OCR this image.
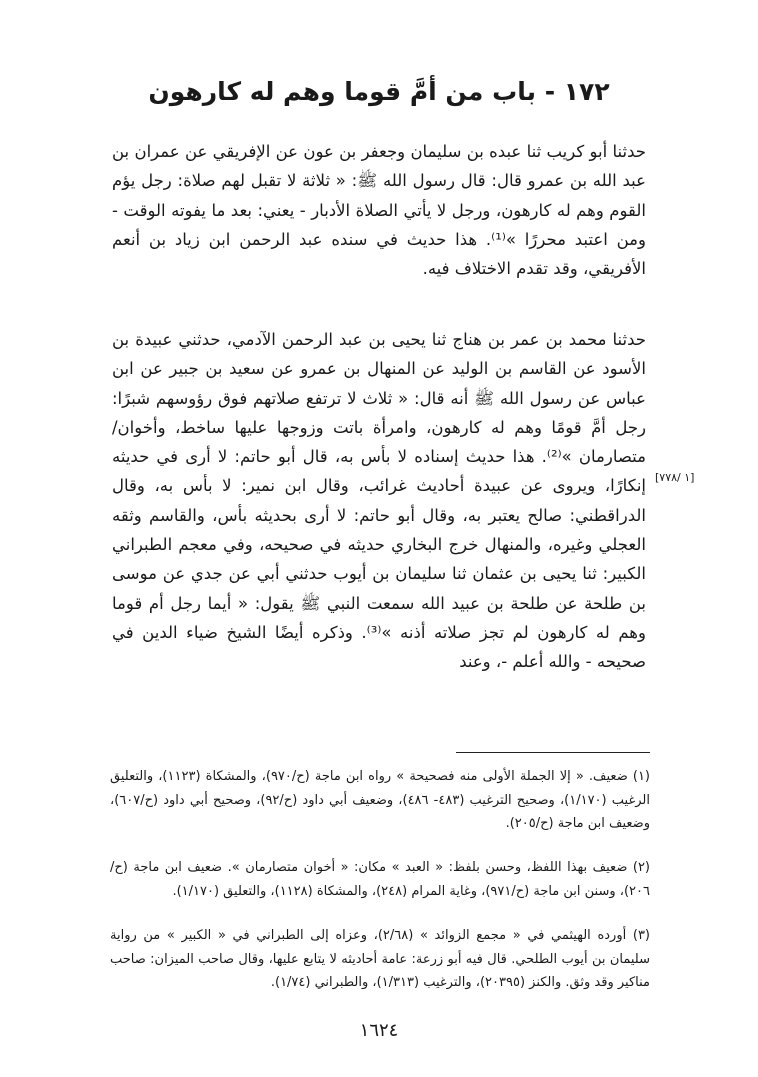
١٧٢ - باب من أمَّ قوما وهم له كارهون
حدثنا أبو كريب ثنا عبده بن سليمان وجعفر بن عون عن الإفريقي عن عمران بن عبد الله بن عمرو قال: قال رسول الله ﷺ: « ثلاثة لا تقبل لهم صلاة: رجل يؤم القوم وهم له كارهون، ورجل لا يأتي الصلاة الأدبار - يعني: بعد ما يفوته الوقت - ومن اعتبد محررًا »⁽¹⁾. هذا حديث في سنده عبد الرحمن ابن زياد بن أنعم الأفريقي، وقد تقدم الاختلاف فيه.
حدثنا محمد بن عمر بن هناج ثنا يحيى بن عبد الرحمن الآدمي، حدثني عبيدة بن الأسود عن القاسم بن الوليد عن المنهال بن عمرو عن سعيد بن جبير عن ابن عباس عن رسول الله ﷺ أنه قال: « ثلاث لا ترتفع صلاتهم فوق رؤوسهم شبرًا: رجل أمَّ قومًا وهم له كارهون، وامرأة باتت وزوجها عليها ساخط، وأخوان/ متصارمان »⁽²⁾. هذا حديث إسناده لا بأس به، قال أبو حاتم: لا أرى في حديثه إنكارًا، ويروى عن عبيدة أحاديث غرائب، وقال ابن نمير: لا بأس به، وقال الدراقطني: صالح يعتبر به، وقال أبو حاتم: لا أرى بحديثه بأس، والقاسم وثقه العجلي وغيره، والمنهال خرج البخاري حديثه في صحيحه، وفي معجم الطبراني الكبير: ثنا يحيى بن عثمان ثنا سليمان بن أيوب حدثني أبي عن جدي عن موسى بن طلحة عن طلحة بن عبيد الله سمعت النبي ﷺ يقول: « أيما رجل أم قوما وهم له كارهون لم تجز صلاته أذنه »⁽³⁾. وذكره أيضًا الشيخ ضياء الدين في صحيحه - والله أعلم -، وعند
[١ /٧٧٨]
(١) ضعيف. « إلا الجملة الأولى منه فصحيحة » رواه ابن ماجة (ح/٩٧٠)، والمشكاة (١١٢٣)، والتعليق الرغيب (١/١٧٠)، وصحيح الترغيب (٤٨٣- ٤٨٦)، وضعيف أبي داود (ح/٩٢)، وصحيح أبي داود (ح/٦٠٧)، وضعيف ابن ماجة (ح/٢٠٥).
(٢) ضعيف بهذا اللفظ، وحسن بلفظ: « العبد » مكان: « أخوان متصارمان ». ضعيف ابن ماجة (ح/ ٢٠٦)، وسنن ابن ماجة (ح/٩٧١)، وغاية المرام (٢٤٨)، والمشكاة (١١٢٨)، والتعليق (١/١٧٠).
(٣) أورده الهيثمي في « مجمع الزوائد » (٢/٦٨)، وعزاه إلى الطبراني في « الكبير » من رواية سليمان بن أيوب الطلحي. قال فيه أبو زرعة: عامة أحاديثه لا يتابع عليها، وقال صاحب الميزان: صاحب مناكير وقد وثق. والكنز (٢٠٣٩٥)، والترغيب (١/٣١٣)، والطبراني (١/٧٤).
١٦٢٤
